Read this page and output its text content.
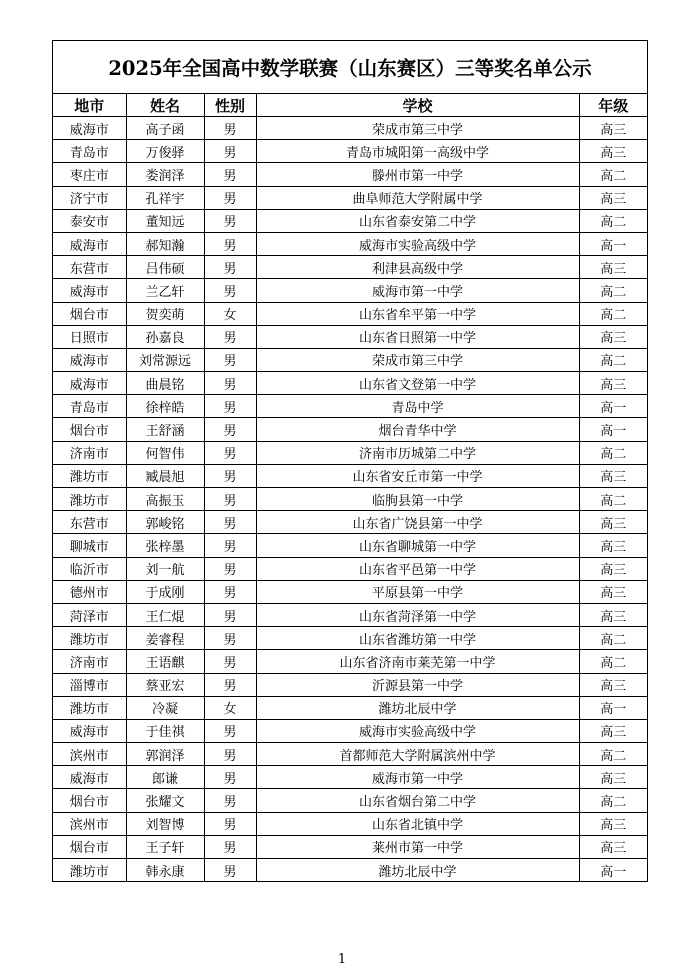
2025年全国高中数学联赛（山东赛区）三等奖名单公示
地市	姓名	性别	学校	年级
威海市	高子函	男	荣成市第三中学	高三
青岛市	万俊驿	男	青岛市城阳第一高级中学	高三
枣庄市	娄润泽	男	滕州市第一中学	高二
济宁市	孔祥宇	男	曲阜师范大学附属中学	高三
泰安市	董知远	男	山东省泰安第二中学	高二
威海市	郝知瀚	男	威海市实验高级中学	高一
东营市	吕伟硕	男	利津县高级中学	高三
威海市	兰乙轩	男	威海市第一中学	高二
烟台市	贺奕萌	女	山东省牟平第一中学	高二
日照市	孙嘉良	男	山东省日照第一中学	高三
威海市	刘常源远	男	荣成市第三中学	高二
威海市	曲晨铭	男	山东省文登第一中学	高三
青岛市	徐梓皓	男	青岛中学	高一
烟台市	王舒涵	男	烟台青华中学	高一
济南市	何智伟	男	济南市历城第二中学	高二
潍坊市	臧晨旭	男	山东省安丘市第一中学	高三
潍坊市	高振玉	男	临朐县第一中学	高二
东营市	郭峻铭	男	山东省广饶县第一中学	高三
聊城市	张梓墨	男	山东省聊城第一中学	高三
临沂市	刘一航	男	山东省平邑第一中学	高三
德州市	于成刚	男	平原县第一中学	高三
菏泽市	王仁焜	男	山东省菏泽第一中学	高三
潍坊市	姜睿程	男	山东省潍坊第一中学	高二
济南市	王语麒	男	山东省济南市莱芜第一中学	高二
淄博市	蔡亚宏	男	沂源县第一中学	高三
潍坊市	冷凝	女	潍坊北辰中学	高一
威海市	于佳祺	男	威海市实验高级中学	高三
滨州市	郭润泽	男	首都师范大学附属滨州中学	高二
威海市	郎谦	男	威海市第一中学	高三
烟台市	张耀文	男	山东省烟台第二中学	高二
滨州市	刘智博	男	山东省北镇中学	高三
烟台市	王子轩	男	莱州市第一中学	高三
潍坊市	韩永康	男	潍坊北辰中学	高一
1
